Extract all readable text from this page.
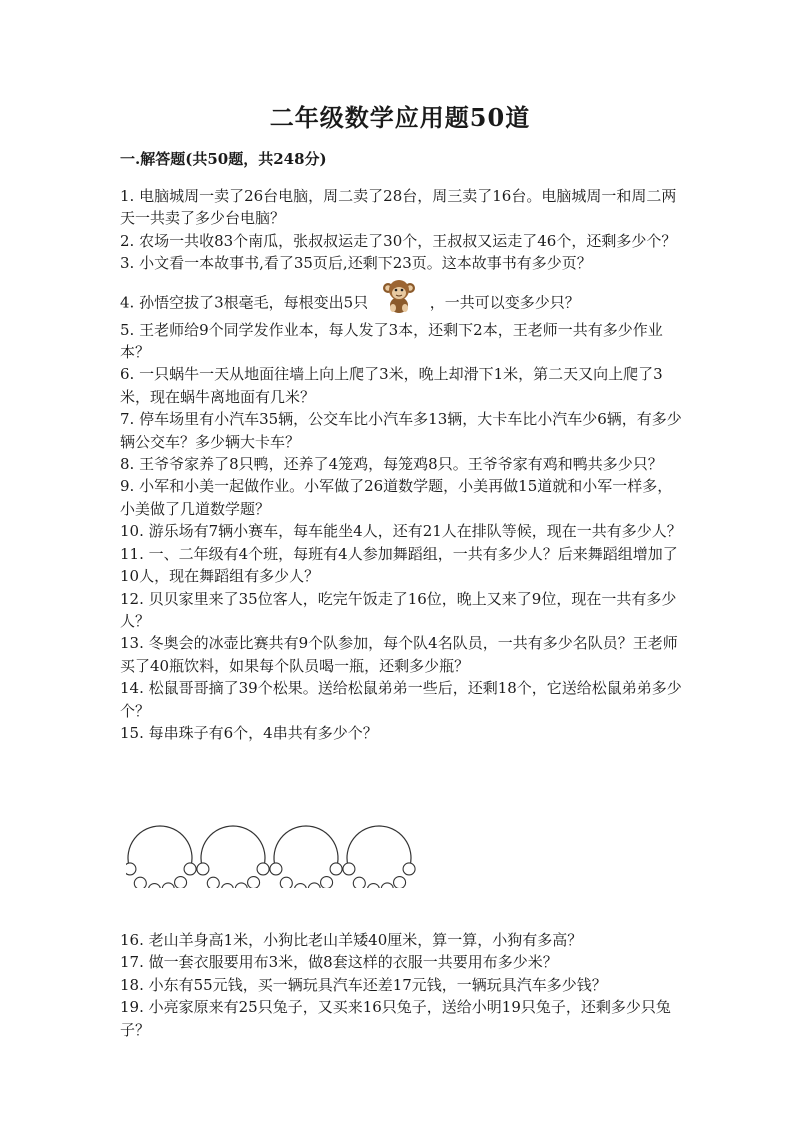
二年级数学应用题50道
一.解答题(共50题，共248分)

1. 电脑城周一卖了26台电脑，周二卖了28台，周三卖了16台。电脑城周一和周二两天一共卖了多少台电脑？

2. 农场一共收83个南瓜，张叔叔运走了30个，王叔叔又运走了46个，还剩多少个？

3. 小文看一本故事书,看了35页后,还剩下23页。这本故事书有多少页？

4. 孙悟空拔了3根毫毛，每根变出5只	，一共可以变多少只？

5. 王老师给9个同学发作业本，每人发了3本，还剩下2本，王老师一共有多少作业本？

6. 一只蜗牛一天从地面往墙上向上爬了3米，晚上却滑下1米，第二天又向上爬了3米，现在蜗牛离地面有几米？

7. 停车场里有小汽车35辆，公交车比小汽车多13辆，大卡车比小汽车少6辆，有多少辆公交车？多少辆大卡车？

8. 王爷爷家养了8只鸭，还养了4笼鸡，每笼鸡8只。王爷爷家有鸡和鸭共多少只？

9. 小军和小美一起做作业。小军做了26道数学题，小美再做15道就和小军一样多，小美做了几道数学题？

10. 游乐场有7辆小赛车，每车能坐4人，还有21人在排队等候，现在一共有多少人？

11. 一、二年级有4个班，每班有4人参加舞蹈组，一共有多少人？后来舞蹈组增加了10人，现在舞蹈组有多少人？

12. 贝贝家里来了35位客人，吃完午饭走了16位，晚上又来了9位，现在一共有多少人？

13. 冬奥会的冰壶比赛共有9个队参加，每个队4名队员，一共有多少名队员？王老师买了40瓶饮料，如果每个队员喝一瓶，还剩多少瓶？

14. 松鼠哥哥摘了39个松果。送给松鼠弟弟一些后，还剩18个，它送给松鼠弟弟多少个？

15. 每串珠子有6个，4串共有多少个？

16. 老山羊身高1米，小狗比老山羊矮40厘米，算一算，小狗有多高？

17. 做一套衣服要用布3米，做8套这样的衣服一共要用布多少米？

18. 小东有55元钱，买一辆玩具汽车还差17元钱，一辆玩具汽车多少钱？

19. 小亮家原来有25只兔子，又买来16只兔子，送给小明19只兔子，还剩多少只兔子？
